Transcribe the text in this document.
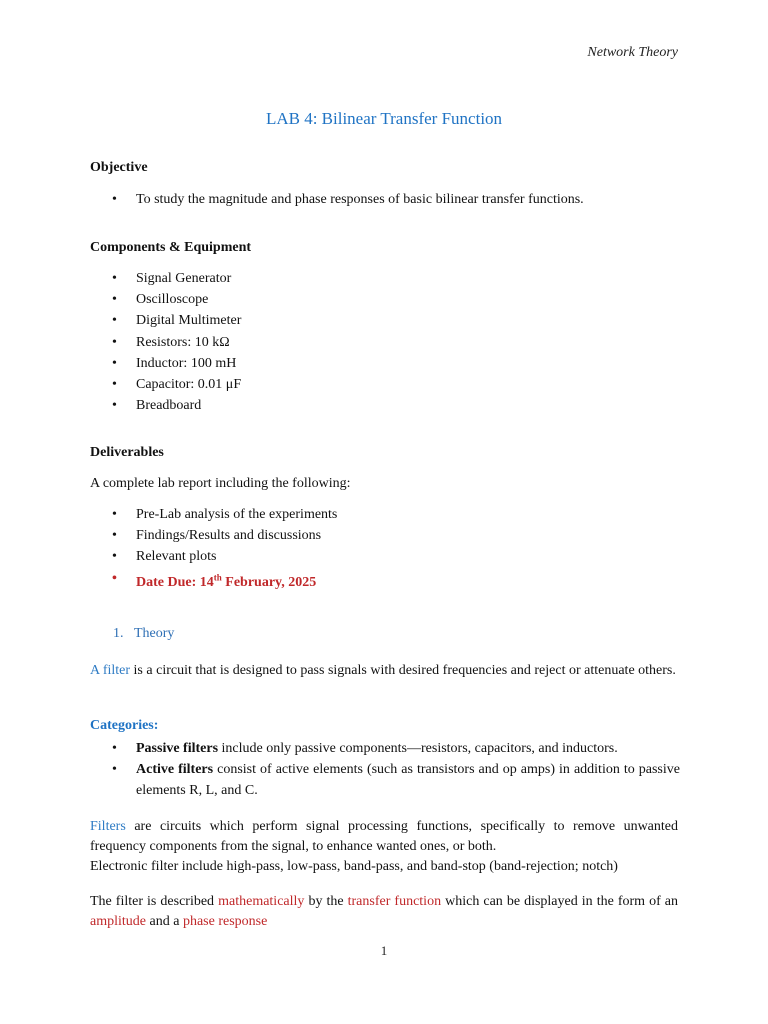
Network Theory
LAB 4: Bilinear Transfer Function
Objective
• To study the magnitude and phase responses of basic bilinear transfer functions.
Components & Equipment
• Signal Generator
• Oscilloscope
• Digital Multimeter
• Resistors: 10 kΩ
• Inductor: 100 mH
• Capacitor: 0.01 μF
• Breadboard
Deliverables
A complete lab report including the following:
• Pre-Lab analysis of the experiments
• Findings/Results and discussions
• Relevant plots
• Date Due: 14th February, 2025
1. Theory
A filter is a circuit that is designed to pass signals with desired frequencies and reject or attenuate others.
Categories:
• Passive filters include only passive components—resistors, capacitors, and inductors.
• Active filters consist of active elements (such as transistors and op amps) in addition to passive elements R, L, and C.
Filters are circuits which perform signal processing functions, specifically to remove unwanted frequency components from the signal, to enhance wanted ones, or both.

Electronic filter include high-pass, low-pass, band-pass, and band-stop (band-rejection; notch)
The filter is described mathematically by the transfer function which can be displayed in the form of an amplitude and a phase response
1
